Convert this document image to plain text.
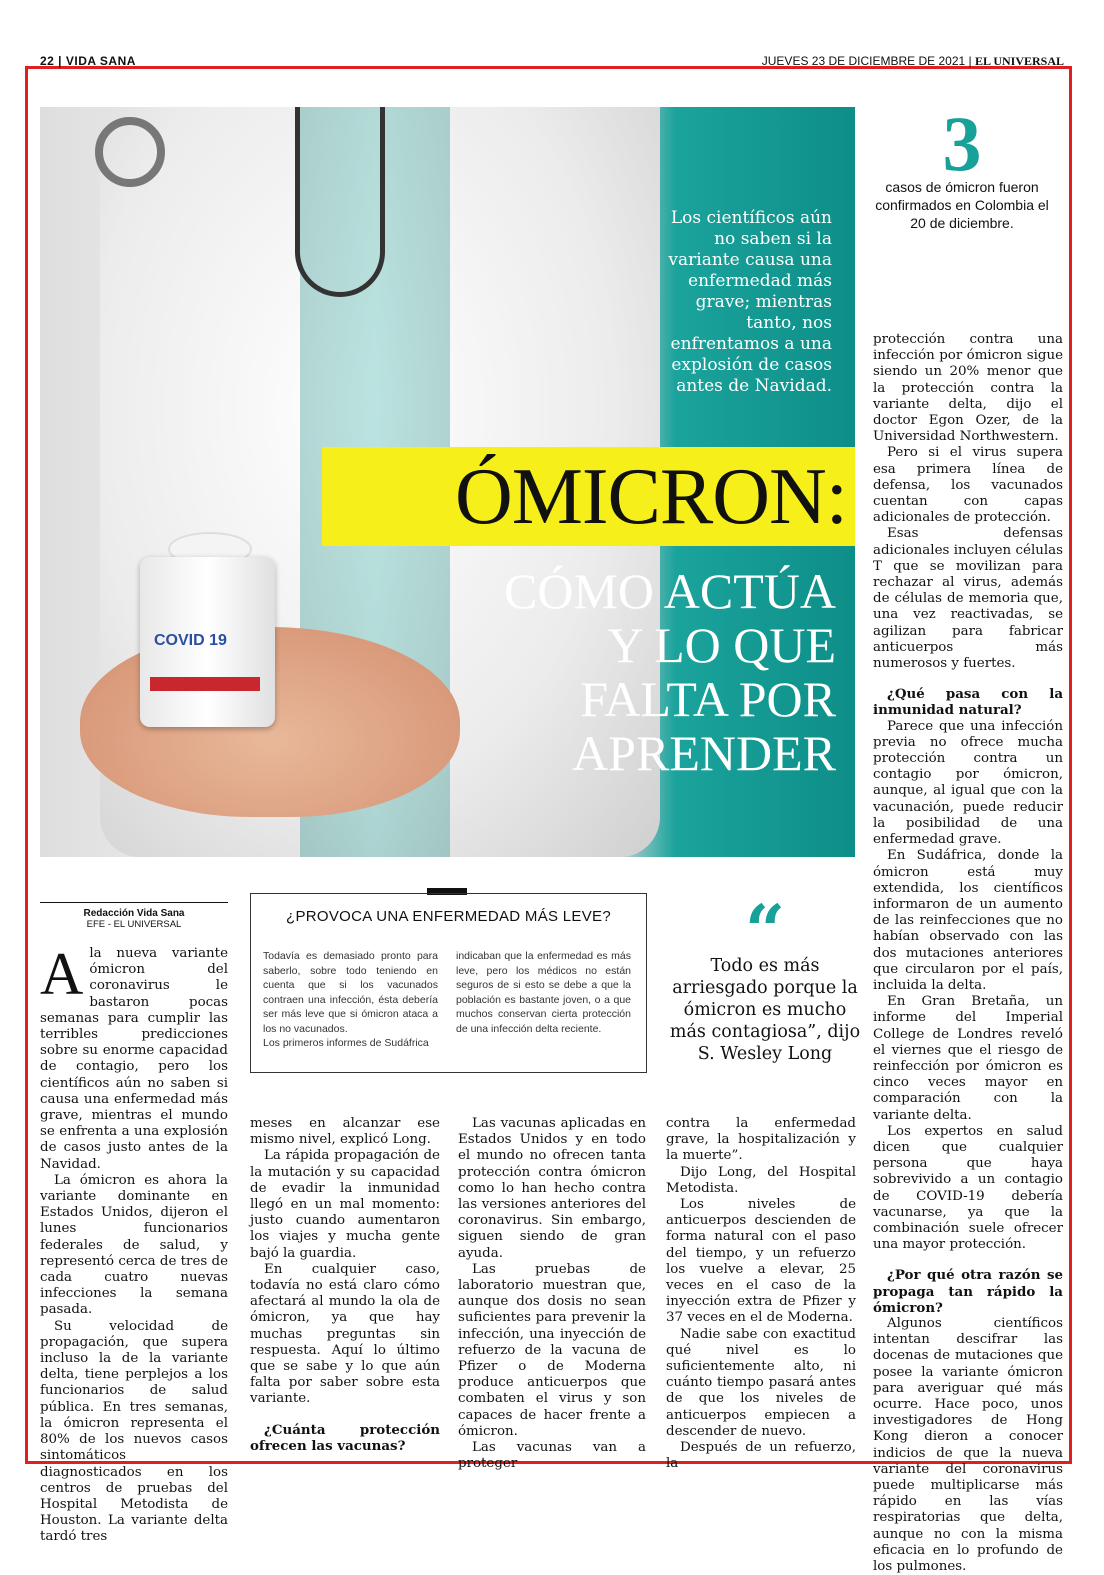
22 | VIDA SANA	JUEVES 23 DE DICIEMBRE DE 2021 | EL UNIVERSAL
COVID 19
Los científicos aún no saben si la variante causa una enfermedad más grave; mientras tanto, nos enfrentamos a una explosión de casos antes de Navidad.
ÓMICRON:
CÓMO ACTÚA Y LO QUE FALTA POR APRENDER
3
casos de ómicron fueron confirmados en Colombia el 20 de diciembre.
Redacción Vida Sana
EFE - EL UNIVERSAL

Ala nueva variante ómicron del coronavirus le bastaron pocas semanas para cumplir las terribles predicciones sobre su enorme capacidad de contagio, pero los científicos aún no saben si causa una enfermedad más grave, mientras el mundo se enfrenta a una explosión de casos justo antes de la Navidad.

La ómicron es ahora la variante dominante en Estados Unidos, dijeron el lunes funcionarios federales de salud, y representó cerca de tres de cada cuatro nuevas infecciones la semana pasada.

Su velocidad de propagación, que supera incluso la de la variante delta, tiene perplejos a los funcionarios de salud pública. En tres semanas, la ómicron representa el 80% de los nuevos casos sintomáticos diagnosticados en los centros de pruebas del Hospital Metodista de Houston. La variante delta tardó tres

¿PROVOCA UNA ENFERMEDAD MÁS LEVE?

Todavía es demasiado pronto para saberlo, sobre todo teniendo en cuenta que si los vacunados contraen una infección, ésta debería ser más leve que si ómicron ataca a los no vacunados.

Los primeros informes de Sudáfrica

indicaban que la enfermedad es más leve, pero los médicos no están seguros de si esto se debe a que la población es bastante joven, o a que muchos conservan cierta protección de una infección delta reciente.

meses en alcanzar ese mismo nivel, explicó Long.

La rápida propagación de la mutación y su capacidad de evadir la inmunidad llegó en un mal momento: justo cuando aumentaron los viajes y mucha gente bajó la guardia.

En cualquier caso, todavía no está claro cómo afectará al mundo la ola de ómicron, ya que hay muchas preguntas sin respuesta. Aquí lo último que se sabe y lo que aún falta por saber sobre esta variante.

¿Cuánta protección ofrecen las vacunas?

Las vacunas aplicadas en Estados Unidos y en todo el mundo no ofrecen tanta protección contra ómicron como lo han hecho contra las versiones anteriores del coronavirus. Sin embargo, siguen siendo de gran ayuda.

Las pruebas de laboratorio muestran que, aunque dos dosis no sean suficientes para prevenir la infección, una inyección de refuerzo de la vacuna de Pfizer o de Moderna produce anticuerpos que combaten el virus y son capaces de hacer frente a ómicron.

Las vacunas van a proteger

“
Todo es más arriesgado porque la ómicron es mucho más contagiosa”, dijo S. Wesley Long

contra la enfermedad grave, la hospitalización y la muerte”.

Dijo Long, del Hospital Metodista.

Los niveles de anticuerpos descienden de forma natural con el paso del tiempo, y un refuerzo los vuelve a elevar, 25 veces en el caso de la inyección extra de Pfizer y 37 veces en el de Moderna.

Nadie sabe con exactitud qué nivel es lo suficientemente alto, ni cuánto tiempo pasará antes de que los niveles de anticuerpos empiecen a descender de nuevo.

Después de un refuerzo, la

protección contra una infección por ómicron sigue siendo un 20% menor que la protección contra la variante delta, dijo el doctor Egon Ozer, de la Universidad Northwestern.

Pero si el virus supera esa primera línea de defensa, los vacunados cuentan con capas adicionales de protección.

Esas defensas adicionales incluyen células T que se movilizan para rechazar al virus, además de células de memoria que, una vez reactivadas, se agilizan para fabricar anticuerpos más numerosos y fuertes.

¿Qué pasa con la inmunidad natural?

Parece que una infección previa no ofrece mucha protección contra un contagio por ómicron, aunque, al igual que con la vacunación, puede reducir la posibilidad de una enfermedad grave.

En Sudáfrica, donde la ómicron está muy extendida, los científicos informaron de un aumento de las reinfecciones que no habían observado con las dos mutaciones anteriores que circularon por el país, incluida la delta.

En Gran Bretaña, un informe del Imperial College de Londres reveló el viernes que el riesgo de reinfección por ómicron es cinco veces mayor en comparación con la variante delta.

Los expertos en salud dicen que cualquier persona que haya sobrevivido a un contagio de COVID-19 debería vacunarse, ya que la combinación suele ofrecer una mayor protección.

¿Por qué otra razón se propaga tan rápido la ómicron?

Algunos científicos intentan descifrar las docenas de mutaciones que posee la variante ómicron para averiguar qué más ocurre. Hace poco, unos investigadores de Hong Kong dieron a conocer indicios de que la nueva variante del coronavirus puede multiplicarse más rápido en las vías respiratorias que delta, aunque no con la misma eficacia en lo profundo de los pulmones.
